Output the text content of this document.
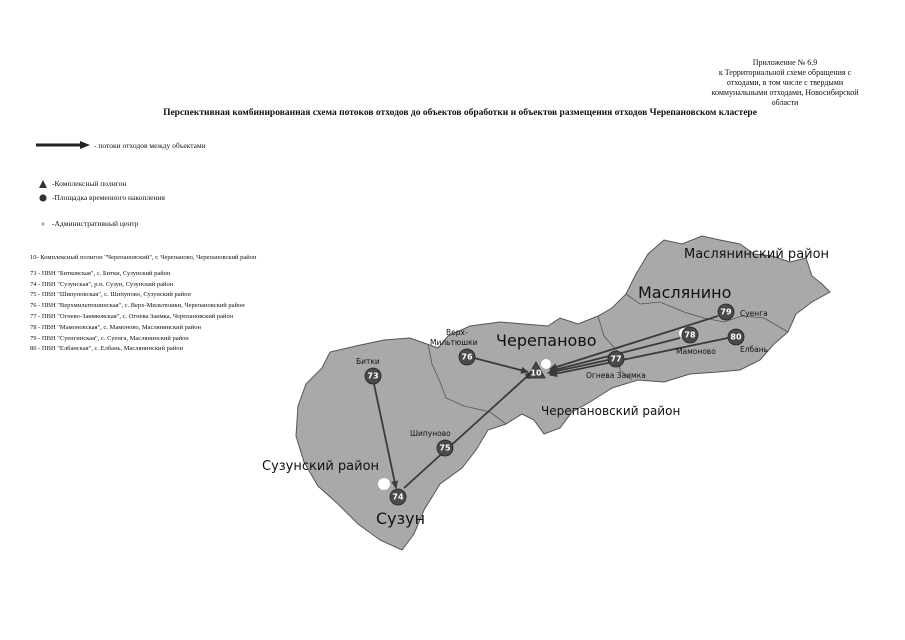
Приложение № 6.9
к Территориальной схеме обращения с
отходами, в том числе с твердыми
коммунальными отходами, Новосибирской
области
Перспективная комбинированная схема потоков отходов до объектов обработки и объектов размещения отходов Черепановском кластере
- потоки отходов между объектами
-Комплексный полигон
-Площадка временного накопления
-Административный центр
10- Комплексный полигон "Черепановский", г. Черепаново, Черепановский район
73 - ПВН "Битковская", с. Битки, Сузунский район
74 - ПВН "Сузунская", р.п. Сузун, Сузунский район
75 - ПВН "Шипуновская", с. Шипуново, Сузунский район
76 - ПВН "Верхмильтюшинская", с. Верх-Мильтюшки, Черепановский район
77 - ПВН "Огнево-Заимковская", с. Огнева Заимка, Черепановский район
78 - ПВН "Мамоновская", с. Мамоново, Маслянинский район
79 - ПВН "Суенгинская", с. Суенга, Маслянинский район
80 - ПВН "Елбанская", с. Елбань, Маслянинский район
Маслянинский район
Черепановский район
Сузунский район
Маслянино
Черепаново
Сузун
Битки
Верх-
Мильтюшки
Шипуново
Суенга
Мамоново	Елбань
Огнева Заимка
10
73
74
75
76	77
78
79
80
